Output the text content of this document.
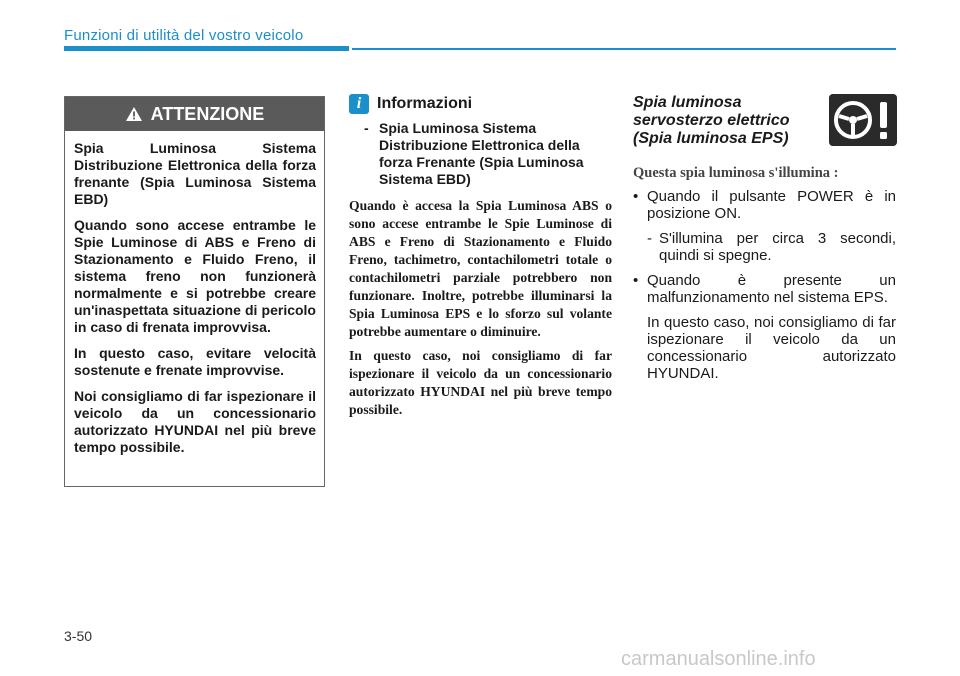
Funzioni di utilità del vostro veicolo
ATTENZIONE

Spia Luminosa Sistema Distribuzione Elettronica della forza frenante (Spia Luminosa Sistema EBD)

Quando sono accese entrambe le Spie Luminose di ABS e Freno di Stazionamento e Fluido Freno, il sistema freno non funzionerà normalmente e si potrebbe creare un'inaspettata situazione di pericolo in caso di frenata improvvisa.

In questo caso, evitare velocità sostenute e frenate improvvise.

Noi consigliamo di far ispezionare il veicolo da un concessionario autorizzato HYUNDAI nel più breve tempo possibile.

i Informazioni
- Spia Luminosa Sistema Distribuzione Elettronica della forza Frenante (Spia Luminosa Sistema EBD)

Quando è accesa la Spia Luminosa ABS o sono accese entrambe le Spie Luminose di ABS e Freno di Stazionamento e Fluido Freno, tachimetro, contachilometri totale o contachilometri parziale potrebbero non funzionare. Inoltre, potrebbe illuminarsi la Spia Luminosa EPS e lo sforzo sul volante potrebbe aumentare o diminuire.

In questo caso, noi consigliamo di far ispezionare il veicolo da un concessionario autorizzato HYUNDAI nel più breve tempo possibile.

Spia luminosa servosterzo elettrico (Spia luminosa EPS)
Questa spia luminosa s'illumina :
• Quando il pulsante POWER è in posizione ON.
- S'illumina per circa 3 secondi, quindi si spegne.
• Quando è presente un malfunzionamento nel sistema EPS.
In questo caso, noi consigliamo di far ispezionare il veicolo da un concessionario autorizzato HYUNDAI.
3-50
carmanualsonline.info
